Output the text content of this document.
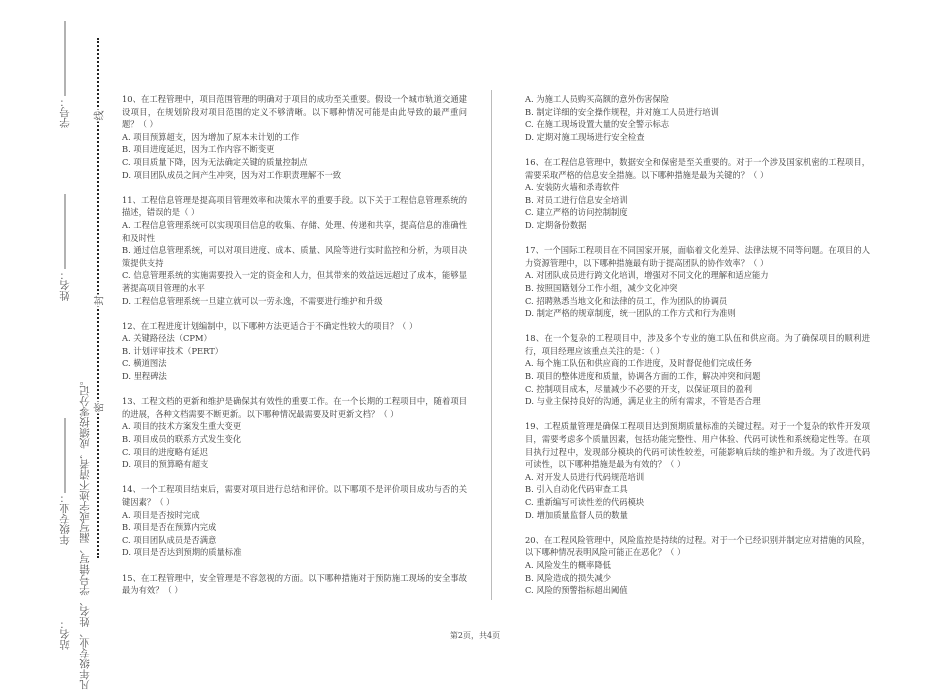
站名： 年级专业：  姓名：  学号：
凡年级专业、姓名、学号错写、漏写或字迹不清者，成绩按零分记。
线
封
密
10、在工程管理中，项目范围管理的明确对于项目的成功至关重要。假设一个城市轨道交通建设项目，在规划阶段对项目范围的定义不够清晰。以下哪种情况可能是由此导致的最严重问题？（ ）
A. 项目预算超支，因为增加了原本未计划的工作
B. 项目进度延迟，因为工作内容不断变更
C. 项目质量下降，因为无法确定关键的质量控制点
D. 项目团队成员之间产生冲突，因为对工作职责理解不一致
11、工程信息管理是提高项目管理效率和决策水平的重要手段。以下关于工程信息管理系统的描述，错误的是（ ）
A. 工程信息管理系统可以实现项目信息的收集、存储、处理、传递和共享，提高信息的准确性和及时性
B. 通过信息管理系统，可以对项目进度、成本、质量、风险等进行实时监控和分析，为项目决策提供支持
C. 信息管理系统的实施需要投入一定的资金和人力，但其带来的效益远远超过了成本，能够显著提高项目管理的水平
D. 工程信息管理系统一旦建立就可以一劳永逸，不需要进行维护和升级
12、在工程进度计划编制中，以下哪种方法更适合于不确定性较大的项目？（ ）
A. 关键路径法（CPM）
B. 计划评审技术（PERT）
C. 横道图法
D. 里程碑法
13、工程文档的更新和维护是确保其有效性的重要工作。在一个长期的工程项目中，随着项目的进展，各种文档需要不断更新。以下哪种情况最需要及时更新文档？（ ）
A. 项目的技术方案发生重大变更
B. 项目成员的联系方式发生变化
C. 项目的进度略有延迟
D. 项目的预算略有超支
14、一个工程项目结束后，需要对项目进行总结和评价。以下哪项不是评价项目成功与否的关键因素？（ ）
A. 项目是否按时完成
B. 项目是否在预算内完成
C. 项目团队成员是否满意
D. 项目是否达到预期的质量标准
15、在工程管理中，安全管理是不容忽视的方面。以下哪种措施对于预防施工现场的安全事故最为有效？（ ）
A. 为施工人员购买高额的意外伤害保险
B. 制定详细的安全操作规程，并对施工人员进行培训
C. 在施工现场设置大量的安全警示标志
D. 定期对施工现场进行安全检查
16、在工程信息管理中，数据安全和保密是至关重要的。对于一个涉及国家机密的工程项目，需要采取严格的信息安全措施。以下哪种措施是最为关键的？（ ）
A. 安装防火墙和杀毒软件
B. 对员工进行信息安全培训
C. 建立严格的访问控制制度
D. 定期备份数据
17、一个国际工程项目在不同国家开展，面临着文化差异、法律法规不同等问题。在项目的人力资源管理中，以下哪种措施最有助于提高团队的协作效率？（ ）
A. 对团队成员进行跨文化培训，增强对不同文化的理解和适应能力
B. 按照国籍划分工作小组，减少文化冲突
C. 招聘熟悉当地文化和法律的员工，作为团队的协调员
D. 制定严格的规章制度，统一团队的工作方式和行为准则
18、在一个复杂的工程项目中，涉及多个专业的施工队伍和供应商。为了确保项目的顺利进行，项目经理应该重点关注的是：（ ）
A. 每个施工队伍和供应商的工作进度，及时督促他们完成任务
B. 项目的整体进度和质量，协调各方面的工作，解决冲突和问题
C. 控制项目成本，尽量减少不必要的开支，以保证项目的盈利
D. 与业主保持良好的沟通，满足业主的所有需求，不管是否合理
19、工程质量管理是确保工程项目达到预期质量标准的关键过程。对于一个复杂的软件开发项目，需要考虑多个质量因素，包括功能完整性、用户体验、代码可读性和系统稳定性等。在项目执行过程中，发现部分模块的代码可读性较差，可能影响后续的维护和升级。为了改进代码可读性，以下哪种措施是最为有效的？（ ）
A. 对开发人员进行代码规范培训
B. 引入自动化代码审查工具
C. 重新编写可读性差的代码模块
D. 增加质量监督人员的数量
20、在工程风险管理中，风险监控是持续的过程。对于一个已经识别并制定应对措施的风险，以下哪种情况表明风险可能正在恶化？（ ）
A. 风险发生的概率降低
B. 风险造成的损失减少
C. 风险的预警指标超出阈值
第2页，共4页
